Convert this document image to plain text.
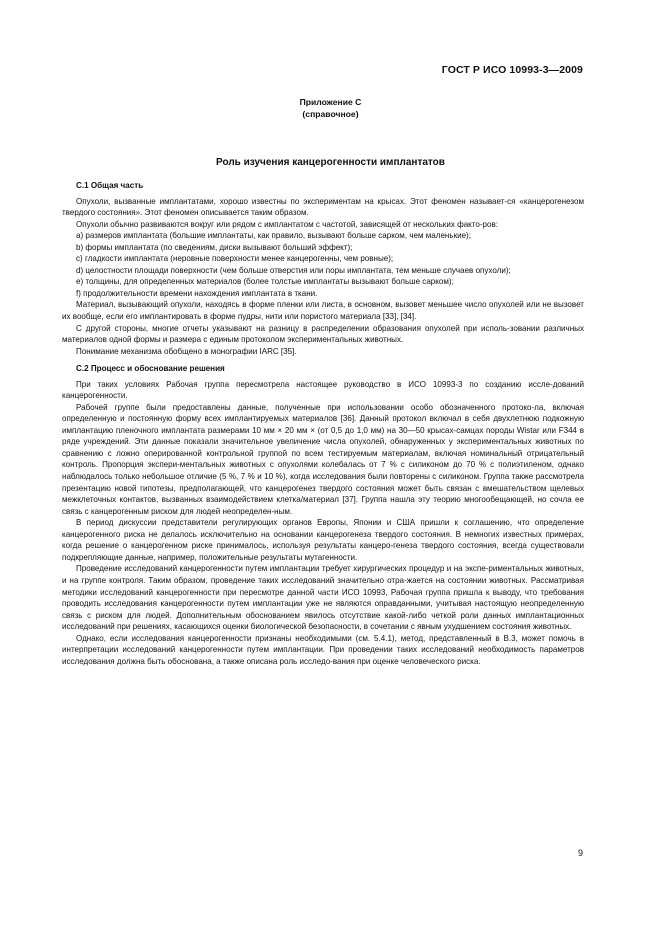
ГОСТ Р ИСО 10993-3—2009
Приложение С
(справочное)
Роль изучения канцерогенности имплантатов
С.1 Общая часть

Опухоли, вызванные имплантатами, хорошо известны по экспериментам на крысах. Этот феномен называет-ся «канцерогенезом твердого состояния». Этот феномен описывается таким образом.

Опухоли обычно развиваются вокруг или рядом с имплантатом с частотой, зависящей от нескольких факто-ров:

a) размеров имплантата (большие имплантаты, как правило, вызывают больше сарком, чем маленькие);

b) формы имплантата (по сведениям, диски вызывают больший эффект);

c) гладкости имплантата (неровные поверхности менее канцерогенны, чем ровные);

d) целостности площади поверхности (чем больше отверстия или поры имплантата, тем меньше случаев опухоли);

e) толщины, для определенных материалов (более толстые имплантаты вызывают больше сарком);

f) продолжительности времени нахождения имплантата в ткани.

Материал, вызывающий опухоли, находясь в форме пленки или листа, в основном, вызовет меньшее число опухолей или не вызовет их вообще, если его имплантировать в форме пудры, нити или пористого материала [33], [34].

С другой стороны, многие отчеты указывают на разницу в распределении образования опухолей при исполь-зовании различных материалов одной формы и размера с единым протоколом экспериментальных животных.

Понимание механизма обобщено в монографии IARC [35].

С.2 Процесс и обоснование решения

При таких условиях Рабочая группа пересмотрела настоящее руководство в ИСО 10993-3 по созданию иссле-дований канцерогенности.

Рабочей группе были предоставлены данные, полученные при использовании особо обозначенного протоко-ла, включая определенную и постоянную форму всех имплантируемых материалов [36]. Данный протокол включал в себя двухлетнюю подкожную имплантацию пленочного имплантата размерами 10 мм × 20 мм × (от 0,5 до 1,0 мм) на 30—50 крысах-самцах породы Wistar или F344 в ряде учреждений. Эти данные показали значительное увеличение числа опухолей, обнаруженных у экспериментальных животных по сравнению с ложно оперированной контрольной группой по всем тестируемым материалам, включая номинальный отрицательный контроль. Пропорция экспери-ментальных животных с опухолями колебалась от 7 % с силиконом до 70 % с полиэтиленом, однако наблюдалось только небольшое отличие (5 %, 7 % и 10 %), когда исследования были повторены с силиконом. Группа также рассмотрела презентацию новой гипотезы, предполагающей, что канцерогенез твердого состояния может быть связан с вмешательством щелевых межклеточных контактов, вызванных взаимодействием клетка/материал [37]. Группа нашла эту теорию многообещающей, но сочла ее связь с канцерогенным риском для людей неопределен-ным.

В период дискуссии представители регулирующих органов Европы, Японии и США пришли к соглашению, что определение канцерогенного риска не делалось исключительно на основании канцерогенеза твердого состояния. В немногих известных примерах, когда решение о канцерогенном риске принималось, используя результаты канцеро-генеза твердого состояния, всегда существовали подкрепляющие данные, например, положительные результаты мутагенности.

Проведение исследований канцерогенности путем имплантации требует хирургических процедур и на экспе-риментальных животных, и на группе контроля. Таким образом, проведение таких исследований значительно отра-жается на состоянии животных. Рассматривая методики исследований канцерогенности при пересмотре данной части ИСО 10993, Рабочая группа пришла к выводу, что требования проводить исследования канцерогенности путем имплантации уже не являются оправданными, учитывая настоящую неопределенную связь с риском для людей. Дополнительным обоснованием явилось отсутствие какой-либо четкой роли данных имплантационных исследований при решениях, касающихся оценки биологической безопасности, в сочетании с явным ухудшением состояния животных.

Однако, если исследования канцерогенности признаны необходимыми (см. 5.4.1), метод, представленный в В.3, может помочь в интерпретации исследований канцерогенности путем имплантации. При проведении таких исследований необходимость параметров исследования должна быть обоснована, а также описана роль исследо-вания при оценке человеческого риска.

9
